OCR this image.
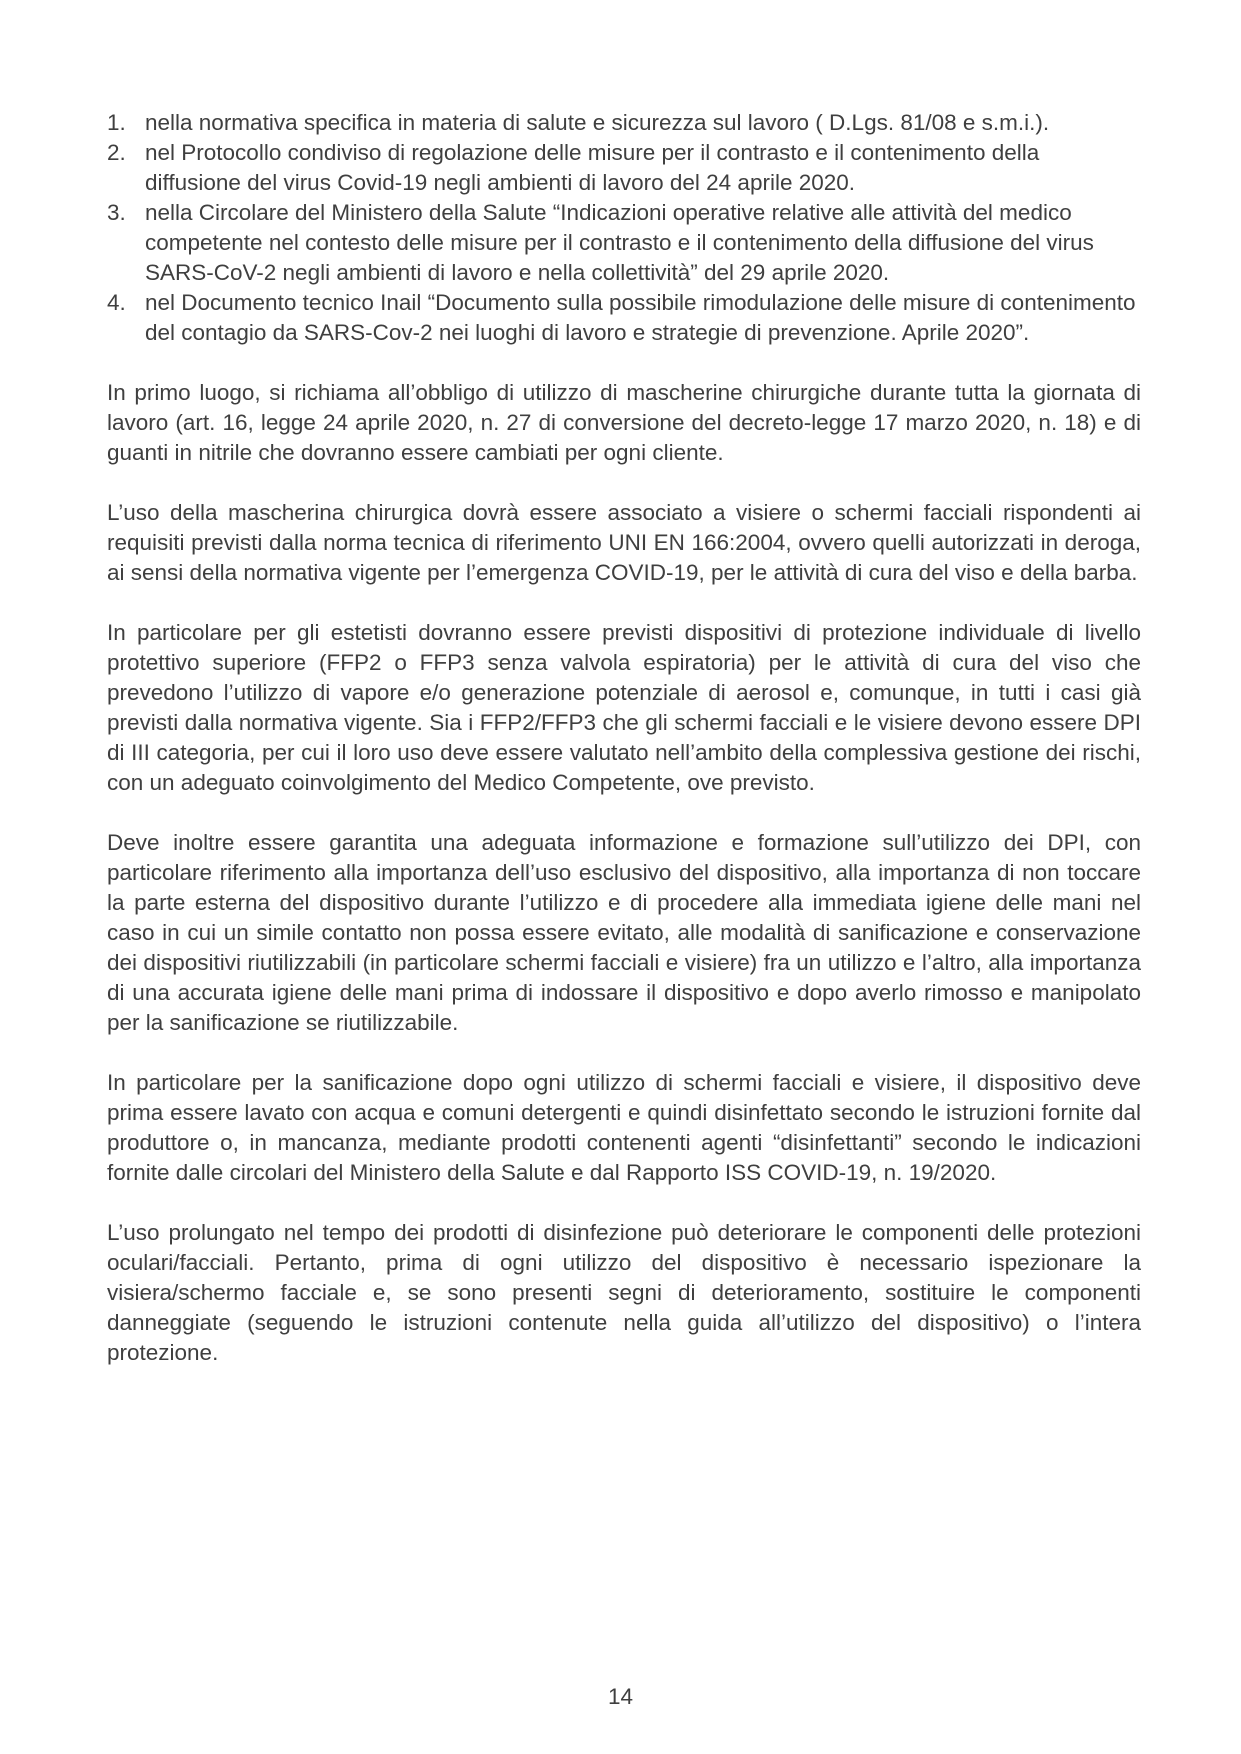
1. nella normativa specifica in materia di salute e sicurezza sul lavoro ( D.Lgs. 81/08 e s.m.i.).
2. nel Protocollo condiviso di regolazione delle misure per il contrasto e il contenimento della diffusione del virus Covid-19 negli ambienti di lavoro del 24 aprile 2020.
3. nella Circolare del Ministero della Salute “Indicazioni operative relative alle attività del medico competente nel contesto delle misure per il contrasto e il contenimento della diffusione del virus SARS-CoV-2 negli ambienti di lavoro e nella collettività” del 29 aprile 2020.
4. nel Documento tecnico Inail “Documento sulla possibile rimodulazione delle misure di contenimento del contagio da SARS-Cov-2 nei luoghi di lavoro e strategie di prevenzione. Aprile 2020”.

In primo luogo, si richiama all’obbligo di utilizzo di mascherine chirurgiche durante tutta la giornata di lavoro (art. 16, legge 24 aprile 2020, n. 27 di conversione del decreto-legge 17 marzo 2020, n. 18) e di guanti in nitrile che dovranno essere cambiati per ogni cliente.

L’uso della mascherina chirurgica dovrà essere associato a visiere o schermi facciali rispondenti ai requisiti previsti dalla norma tecnica di riferimento UNI EN 166:2004, ovvero quelli autorizzati in deroga, ai sensi della normativa vigente per l’emergenza COVID-19, per le attività di cura del viso e della barba.

In particolare per gli estetisti dovranno essere previsti dispositivi di protezione individuale di livello protettivo superiore (FFP2 o FFP3 senza valvola espiratoria) per le attività di cura del viso che prevedono l’utilizzo di vapore e/o generazione potenziale di aerosol e, comunque, in tutti i casi già previsti dalla normativa vigente. Sia i FFP2/FFP3 che gli schermi facciali e le visiere devono essere DPI di III categoria, per cui il loro uso deve essere valutato nell’ambito della complessiva gestione dei rischi, con un adeguato coinvolgimento del Medico Competente, ove previsto.

Deve inoltre essere garantita una adeguata informazione e formazione sull’utilizzo dei DPI, con particolare riferimento alla importanza dell’uso esclusivo del dispositivo, alla importanza di non toccare la parte esterna del dispositivo durante l’utilizzo e di procedere alla immediata igiene delle mani nel caso in cui un simile contatto non possa essere evitato, alle modalità di sanificazione e conservazione dei dispositivi riutilizzabili (in particolare schermi facciali e visiere) fra un utilizzo e l’altro, alla importanza di una accurata igiene delle mani prima di indossare il dispositivo e dopo averlo rimosso e manipolato per la sanificazione se riutilizzabile.

In particolare per la sanificazione dopo ogni utilizzo di schermi facciali e visiere, il dispositivo deve prima essere lavato con acqua e comuni detergenti e quindi disinfettato secondo le istruzioni fornite dal produttore o, in mancanza, mediante prodotti contenenti agenti “disinfettanti” secondo le indicazioni fornite dalle circolari del Ministero della Salute e dal Rapporto ISS COVID-19, n. 19/2020.

L’uso prolungato nel tempo dei prodotti di disinfezione può deteriorare le componenti delle protezioni oculari/facciali. Pertanto, prima di ogni utilizzo del dispositivo è necessario ispezionare la visiera/schermo facciale e, se sono presenti segni di deterioramento, sostituire le componenti danneggiate (seguendo le istruzioni contenute nella guida all’utilizzo del dispositivo) o l’intera protezione.

14
